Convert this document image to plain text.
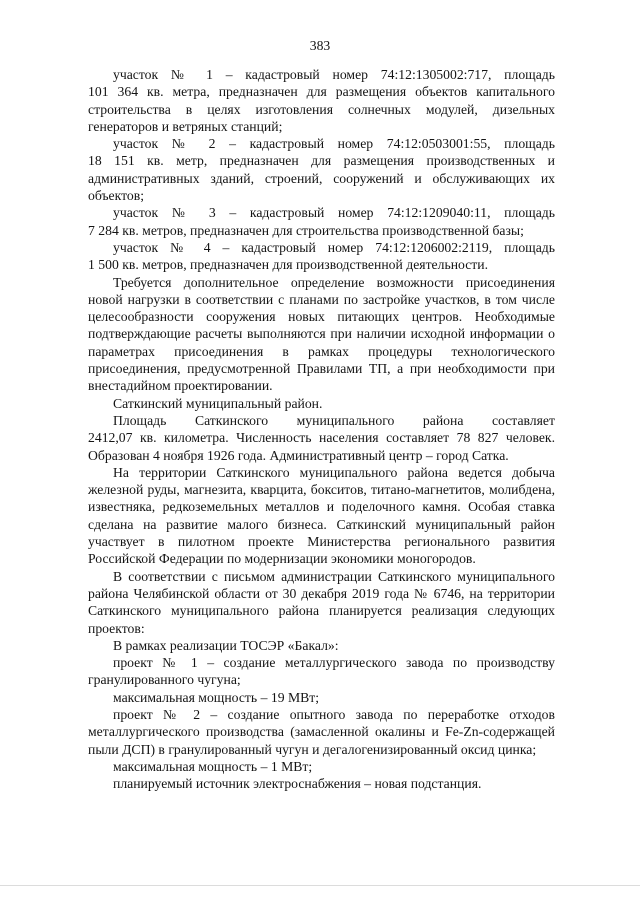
383
участок № 1 – кадастровый номер 74:12:1305002:717, площадь
101 364 кв. метра, предназначен для размещения объектов капитального
строительства в целях изготовления солнечных модулей, дизельных
генераторов и ветряных станций;
участок № 2 – кадастровый номер 74:12:0503001:55, площадь
18 151 кв. метр, предназначен для размещения производственных и
административных зданий, строений, сооружений и обслуживающих их
объектов;
участок № 3 – кадастровый номер 74:12:1209040:11, площадь
7 284 кв. метров, предназначен для строительства производственной базы;
участок № 4 – кадастровый номер 74:12:1206002:2119, площадь
1 500 кв. метров, предназначен для производственной деятельности.
Требуется дополнительное определение возможности присоединения
новой нагрузки в соответствии с планами по застройке участков, в том числе
целесообразности сооружения новых питающих центров. Необходимые
подтверждающие расчеты выполняются при наличии исходной информации о
параметрах присоединения в рамках процедуры технологического
присоединения, предусмотренной Правилами ТП, а при необходимости при
внестадийном проектировании.
Саткинский муниципальный район.
Площадь Саткинского муниципального района составляет
2412,07 кв. километра. Численность населения составляет 78 827 человек.
Образован 4 ноября 1926 года. Административный центр – город Сатка.
На территории Саткинского муниципального района ведется добыча
железной руды, магнезита, кварцита, бокситов, титано-магнетитов, молибдена,
известняка, редкоземельных металлов и поделочного камня. Особая ставка
сделана на развитие малого бизнеса. Саткинский муниципальный район
участвует в пилотном проекте Министерства регионального развития
Российской Федерации по модернизации экономики моногородов.
В соответствии с письмом администрации Саткинского муниципального
района Челябинской области от 30 декабря 2019 года № 6746, на территории
Саткинского муниципального района планируется реализация следующих
проектов:
В рамках реализации ТОСЭР «Бакал»:
проект № 1 – создание металлургического завода по производству
гранулированного чугуна;
максимальная мощность – 19 МВт;
проект № 2 – создание опытного завода по переработке отходов
металлургического производства (замасленной окалины и Fe-Zn-содержащей
пыли ДСП) в гранулированный чугун и дегалогенизированный оксид цинка;
максимальная мощность – 1 МВт;
планируемый источник электроснабжения – новая подстанция.
